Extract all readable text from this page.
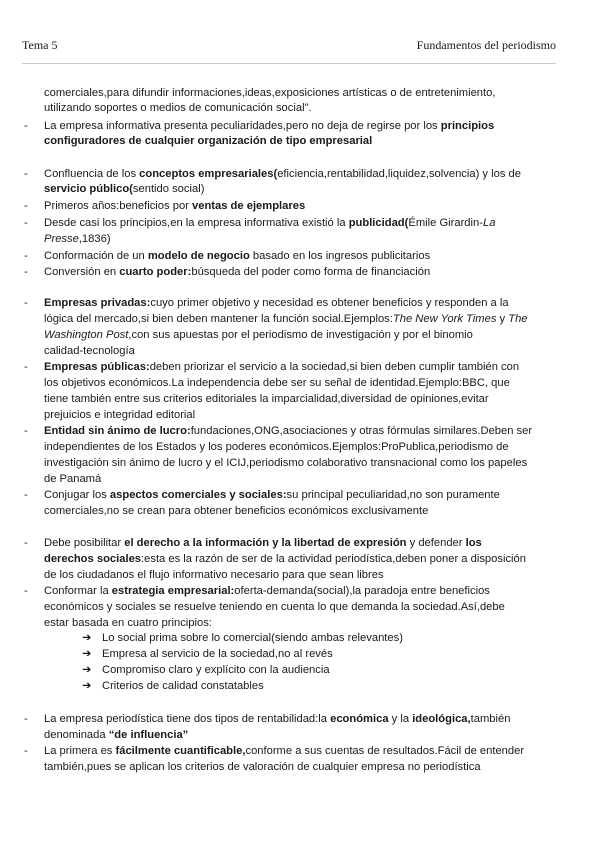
Tema 5	Fundamentos del periodismo
comerciales,para difundir informaciones,ideas,exposiciones artísticas o de entretenimiento,
utilizando soportes o medios de comunicación social".
-	La empresa informativa presenta peculiaridades,pero no deja de regirse por los principios
configuradores de cualquier organización de tipo empresarial
-	Confluencia de los conceptos empresariales(eficiencia,rentabilidad,liquidez,solvencia) y los de
servicio público(sentido social)
-	Primeros años:beneficios por ventas de ejemplares
-	Desde casi los principios,en la empresa informativa existió la publicidad(Émile Girardin-La
Presse,1836)
-	Conformación de un modelo de negocio basado en los ingresos publicitarios
-	Conversión en cuarto poder:búsqueda del poder como forma de financiación
-	Empresas privadas:cuyo primer objetivo y necesidad es obtener beneficios y responden a la
lógica del mercado,si bien deben mantener la función social.Ejemplos:The New York Times y The
Washington Post,con sus apuestas por el periodismo de investigación y por el binomio
calidad-tecnología
-	Empresas públicas:deben priorizar el servicio a la sociedad,si bien deben cumplir también con
los objetivos económicos.La independencia debe ser su señal de identidad.Ejemplo:BBC, que
tiene también entre sus criterios editoriales la imparcialidad,diversidad de opiniones,evitar
prejuicios e integridad editorial
-	Entidad sin ánimo de lucro:fundaciones,ONG,asociaciones y otras fórmulas similares.Deben ser
independientes de los Estados y los poderes económicos.Ejemplos:ProPublica,periodismo de
investigación sin ánimo de lucro y el ICIJ,periodismo colaborativo transnacional como los papeles
de Panamá
-	Conjugar los aspectos comerciales y sociales:su principal peculiaridad,no son puramente
comerciales,no se crean para obtener beneficios económicos exclusivamente
-	Debe posibilitar el derecho a la información y la libertad de expresión y defender los
derechos sociales:esta es la razón de ser de la actividad periodística,deben poner a disposición
de los ciudadanos el flujo informativo necesario para que sean libres
-	Conformar la estrategia empresarial:oferta-demanda(social),la paradoja entre beneficios
económicos y sociales se resuelve teniendo en cuenta lo que demanda la sociedad.Así,debe
estar basada en cuatro principios:
➔ Lo social prima sobre lo comercial(siendo ambas relevantes)
➔ Empresa al servicio de la sociedad,no al revés
➔ Compromiso claro y explícito con la audiencia
➔ Criterios de calidad constatables
-	La empresa periodística tiene dos tipos de rentabilidad:la económica y la ideológica,también
denominada “de influencia”
-	La primera es fácilmente cuantificable,conforme a sus cuentas de resultados.Fácil de entender
también,pues se aplican los criterios de valoración de cualquier empresa no periodística
